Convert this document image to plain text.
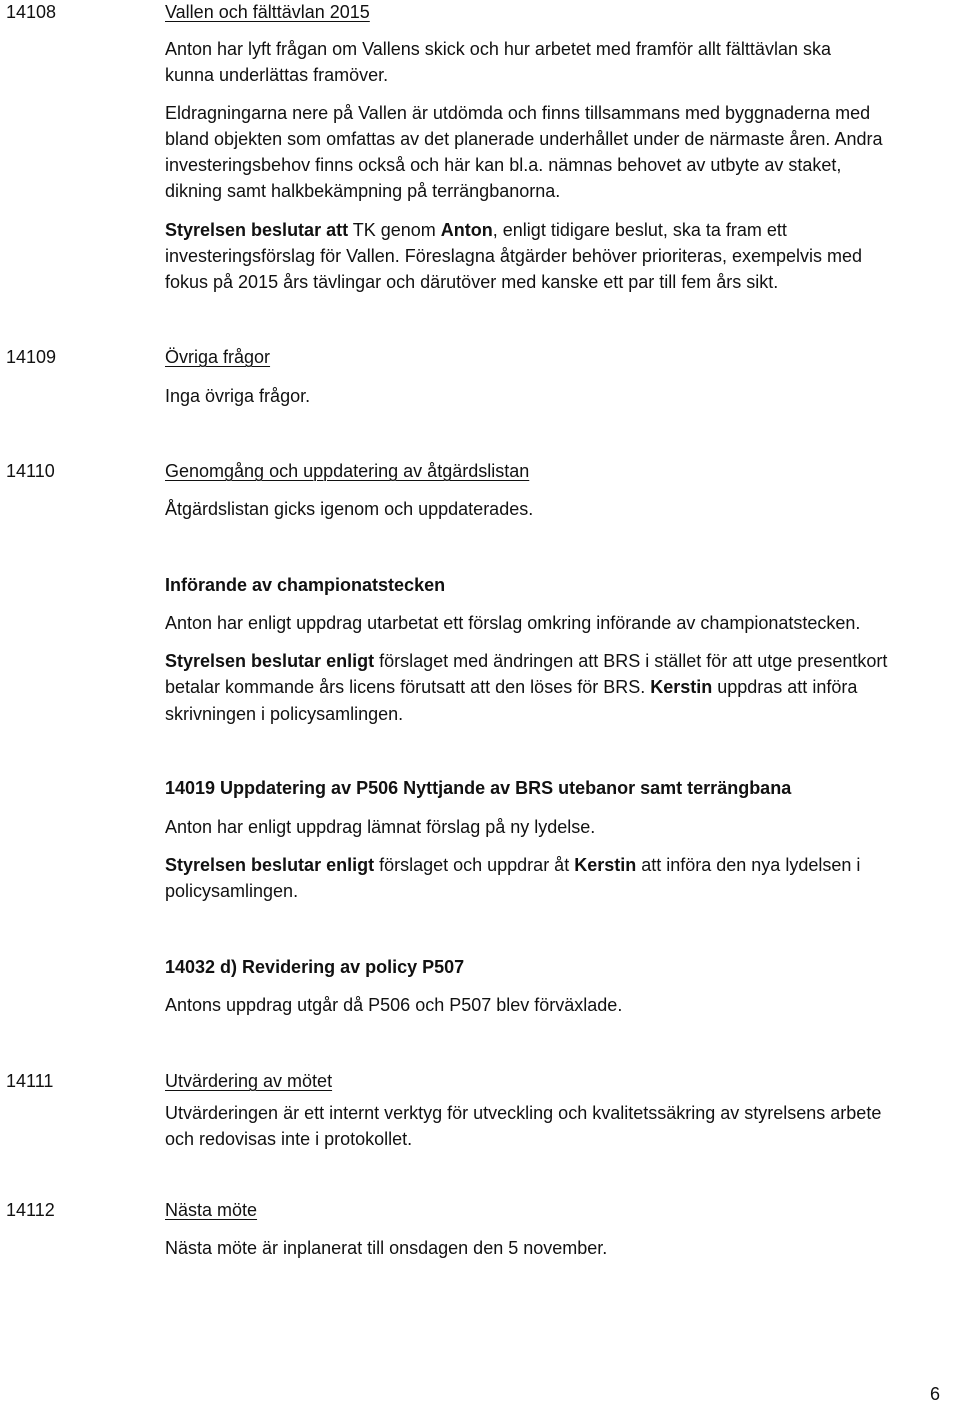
14108	Vallen och fälttävlan 2015
Anton har lyft frågan om Vallens skick och hur arbetet med framför allt fälttävlan ska
kunna underlättas framöver.
Eldragningarna nere på Vallen är utdömda och finns tillsammans med byggnaderna med
bland objekten som omfattas av det planerade underhållet under de närmaste åren. Andra
investeringsbehov finns också och här kan bl.a. nämnas behovet av utbyte av staket,
dikning samt halkbekämpning på terrängbanorna.
Styrelsen beslutar att TK genom Anton, enligt tidigare beslut, ska ta fram ett
investeringsförslag för Vallen. Föreslagna åtgärder behöver prioriteras, exempelvis med
fokus på 2015 års tävlingar och därutöver med kanske ett par till fem års sikt.
14109	Övriga frågor
Inga övriga frågor.
14110	Genomgång och uppdatering av åtgärdslistan
Åtgärdslistan gicks igenom och uppdaterades.
Införande av championatstecken
Anton har enligt uppdrag utarbetat ett förslag omkring införande av championatstecken.
Styrelsen beslutar enligt förslaget med ändringen att BRS i stället för att utge presentkort
betalar kommande års licens förutsatt att den löses för BRS. Kerstin uppdras att införa
skrivningen i policysamlingen.
14019 Uppdatering av P506 Nyttjande av BRS utebanor samt terrängbana
Anton har enligt uppdrag lämnat förslag på ny lydelse.
Styrelsen beslutar enligt förslaget och uppdrar åt Kerstin att införa den nya lydelsen i
policysamlingen.
14032 d) Revidering av policy P507
Antons uppdrag utgår då P506 och P507 blev förväxlade.
14111	Utvärdering av mötet
Utvärderingen är ett internt verktyg för utveckling och kvalitetssäkring av styrelsens arbete
och redovisas inte i protokollet.
14112	Nästa möte
Nästa möte är inplanerat till onsdagen den 5 november.
6
